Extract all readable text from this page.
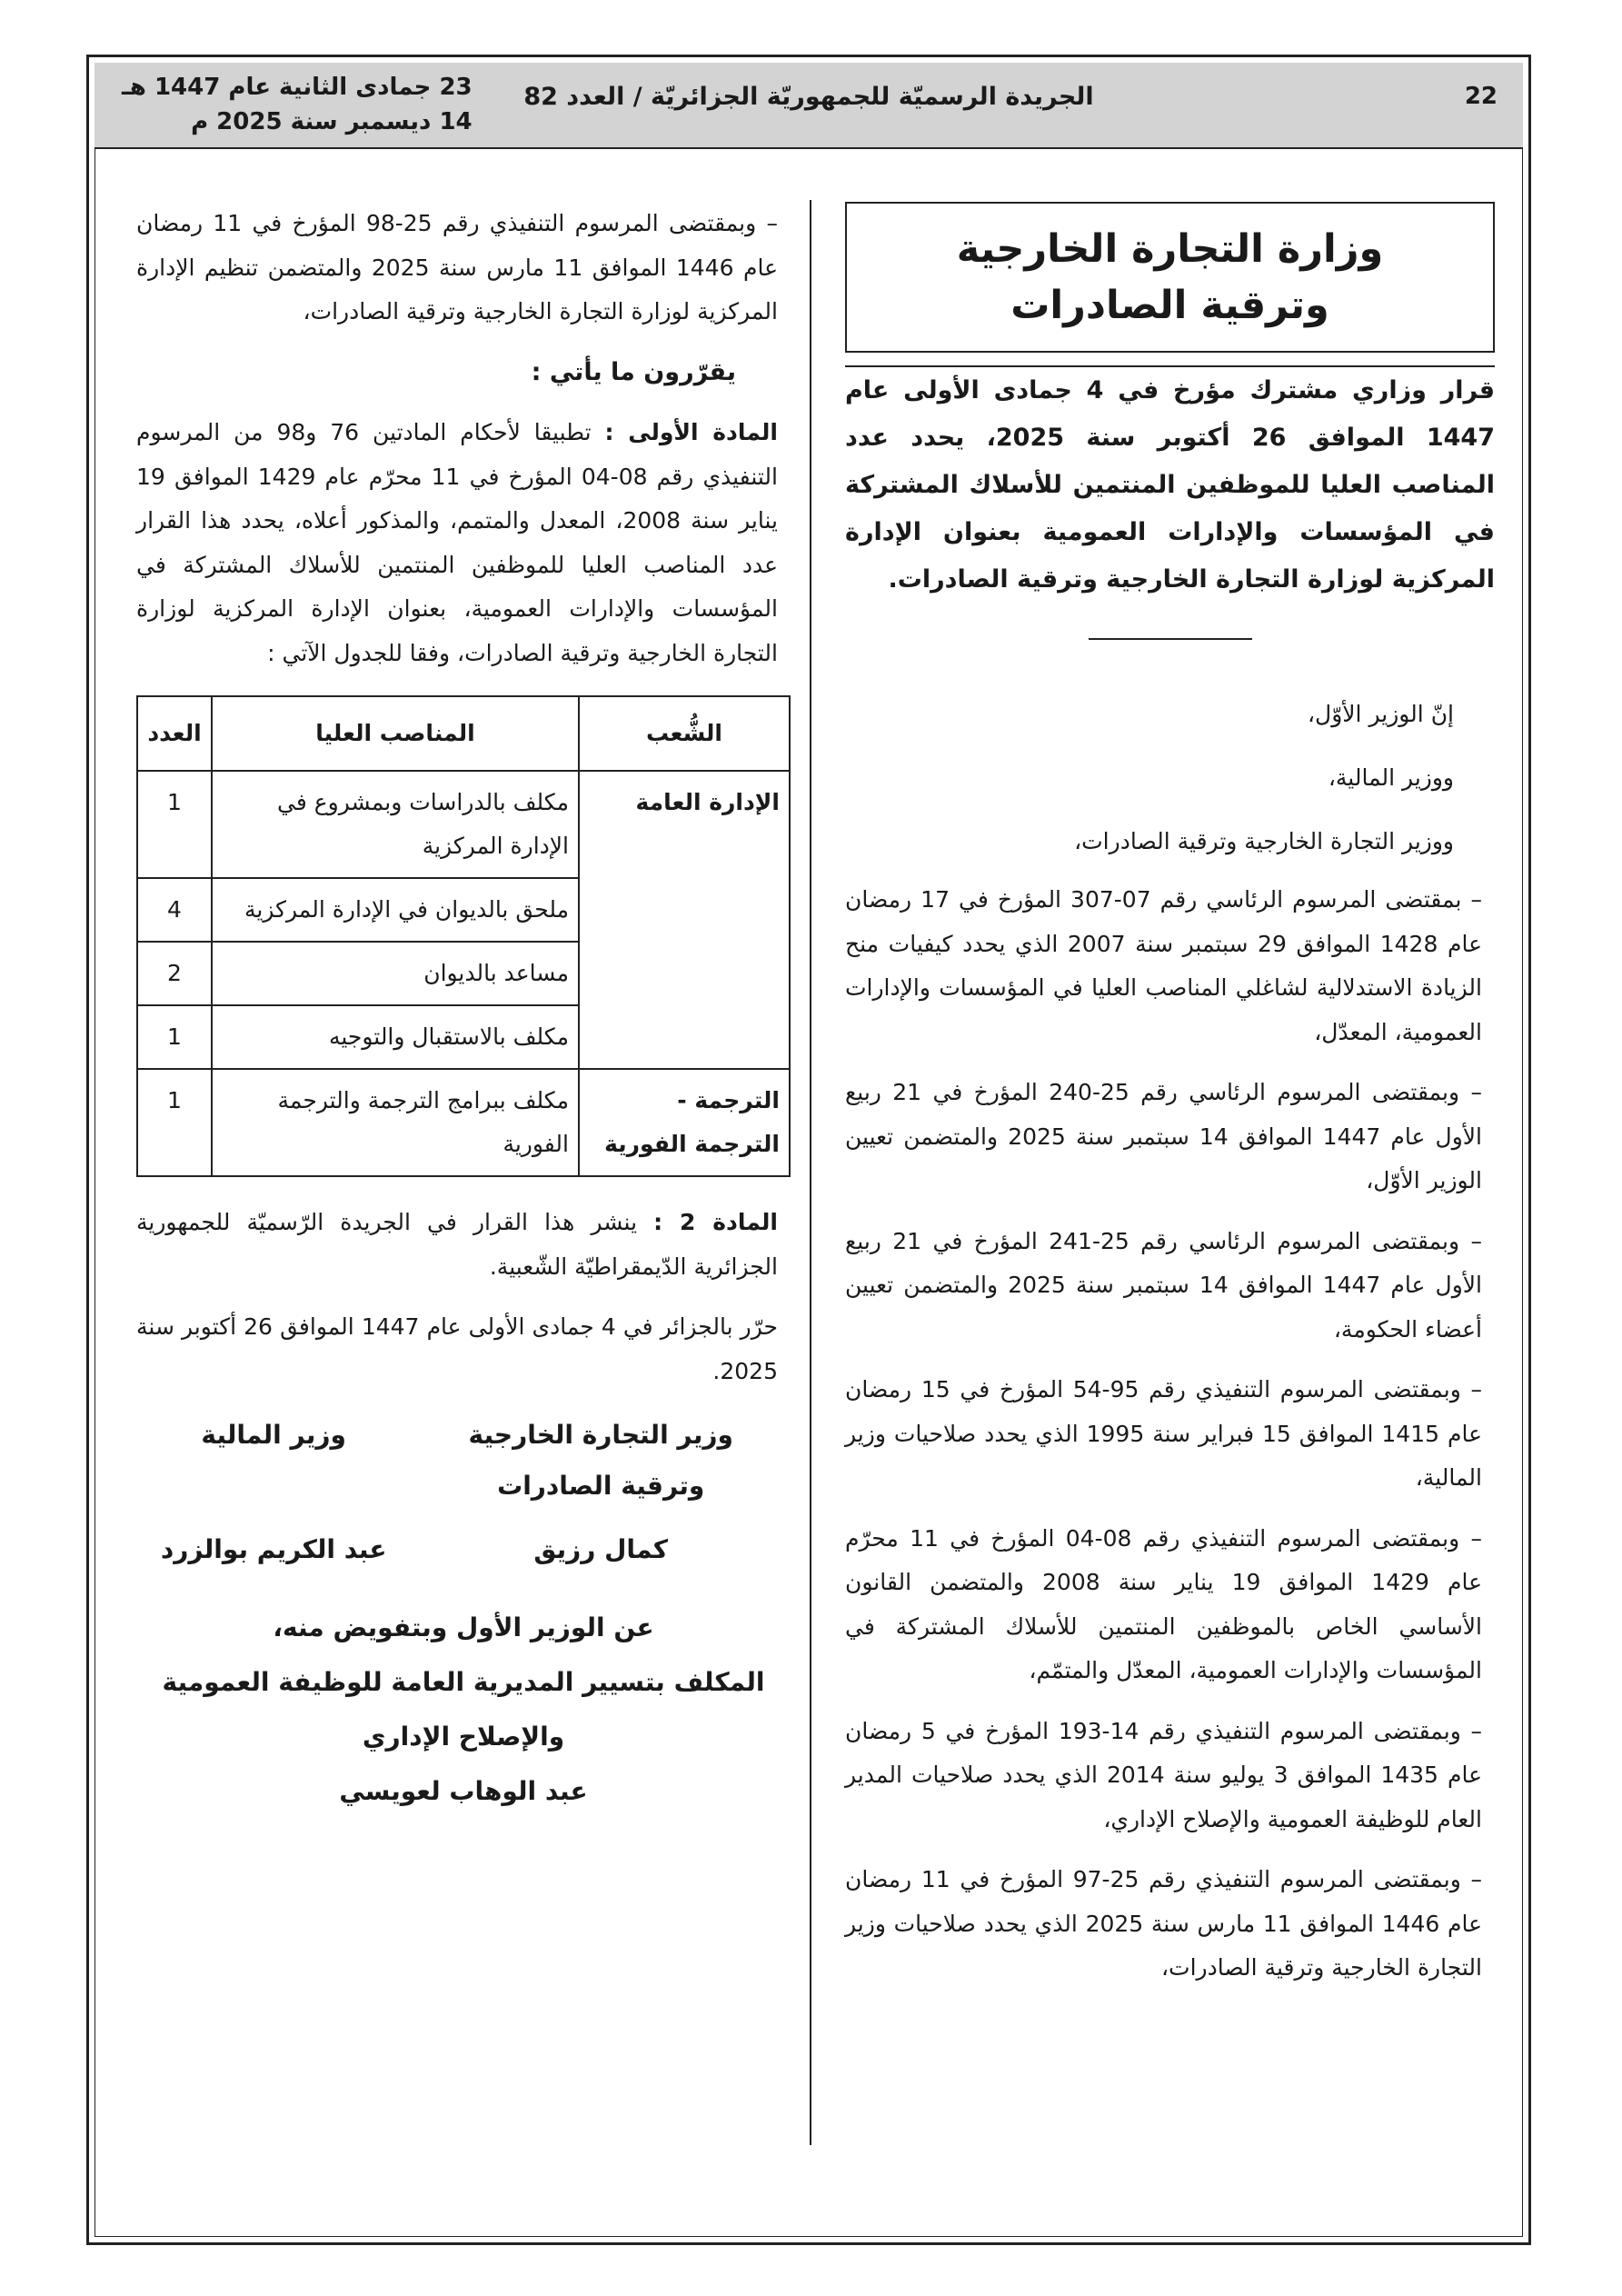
22
الجريدة الرسميّة للجمهوريّة الجزائريّة / العدد 82
23 جمادى الثانية عام 1447 هـ
14 ديسمبر سنة 2025 م
وزارة التجارة الخارجية
وترقية الصادرات

قرار وزاري مشترك مؤرخ في 4 جمادى الأولى عام 1447 الموافق 26 أكتوبر سنة 2025، يحدد عدد المناصب العليا للموظفين المنتمين للأسلاك المشتركة في المؤسسات والإدارات العمومية بعنوان الإدارة المركزية لوزارة التجارة الخارجية وترقية الصادرات.

إنّ الوزير الأوّل،

ووزير المالية،

ووزير التجارة الخارجية وترقية الصادرات،

– بمقتضى المرسوم الرئاسي رقم 07-307 المؤرخ في 17 رمضان عام 1428 الموافق 29 سبتمبر سنة 2007 الذي يحدد كيفيات منح الزيادة الاستدلالية لشاغلي المناصب العليا في المؤسسات والإدارات العمومية، المعدّل،

– وبمقتضى المرسوم الرئاسي رقم 25-240 المؤرخ في 21 ربيع الأول عام 1447 الموافق 14 سبتمبر سنة 2025 والمتضمن تعيين الوزير الأوّل،

– وبمقتضى المرسوم الرئاسي رقم 25-241 المؤرخ في 21 ربيع الأول عام 1447 الموافق 14 سبتمبر سنة 2025 والمتضمن تعيين أعضاء الحكومة،

– وبمقتضى المرسوم التنفيذي رقم 95-54 المؤرخ في 15 رمضان عام 1415 الموافق 15 فبراير سنة 1995 الذي يحدد صلاحيات وزير المالية،

– وبمقتضى المرسوم التنفيذي رقم 08-04 المؤرخ في 11 محرّم عام 1429 الموافق 19 يناير سنة 2008 والمتضمن القانون الأساسي الخاص بالموظفين المنتمين للأسلاك المشتركة في المؤسسات والإدارات العمومية، المعدّل والمتمّم،

– وبمقتضى المرسوم التنفيذي رقم 14-193 المؤرخ في 5 رمضان عام 1435 الموافق 3 يوليو سنة 2014 الذي يحدد صلاحيات المدير العام للوظيفة العمومية والإصلاح الإداري،

– وبمقتضى المرسوم التنفيذي رقم 25-97 المؤرخ في 11 رمضان عام 1446 الموافق 11 مارس سنة 2025 الذي يحدد صلاحيات وزير التجارة الخارجية وترقية الصادرات،

– وبمقتضى المرسوم التنفيذي رقم 25-98 المؤرخ في 11 رمضان عام 1446 الموافق 11 مارس سنة 2025 والمتضمن تنظيم الإدارة المركزية لوزارة التجارة الخارجية وترقية الصادرات،

يقرّرون ما يأتي :

المادة الأولى : تطبيقا لأحكام المادتين 76 و98 من المرسوم التنفيذي رقم 08-04 المؤرخ في 11 محرّم عام 1429 الموافق 19 يناير سنة 2008، المعدل والمتمم، والمذكور أعلاه، يحدد هذا القرار عدد المناصب العليا للموظفين المنتمين للأسلاك المشتركة في المؤسسات والإدارات العمومية، بعنوان الإدارة المركزية لوزارة التجارة الخارجية وترقية الصادرات، وفقا للجدول الآتي :

الشُّعب	المناصب العليا	العدد
الإدارة العامة	مكلف بالدراسات وبمشروع في الإدارة المركزية	1
	ملحق بالديوان في الإدارة المركزية	4
	مساعد بالديوان	2
	مكلف بالاستقبال والتوجيه	1
الترجمة - الترجمة الفورية	مكلف ببرامج الترجمة والترجمة الفورية	1

المادة 2 : ينشر هذا القرار في الجريدة الرّسميّة للجمهورية الجزائرية الدّيمقراطيّة الشّعبية.

حرّر بالجزائر في 4 جمادى الأولى عام 1447 الموافق 26 أكتوبر سنة 2025.

وزير التجارة الخارجية
وزير المالية
وترقية الصادرات
كمال رزيق
عبد الكريم بوالزرد

عن الوزير الأول وبتفويض منه،

المكلف بتسيير المديرية العامة للوظيفة العمومية

والإصلاح الإداري

عبد الوهاب لعويسي
